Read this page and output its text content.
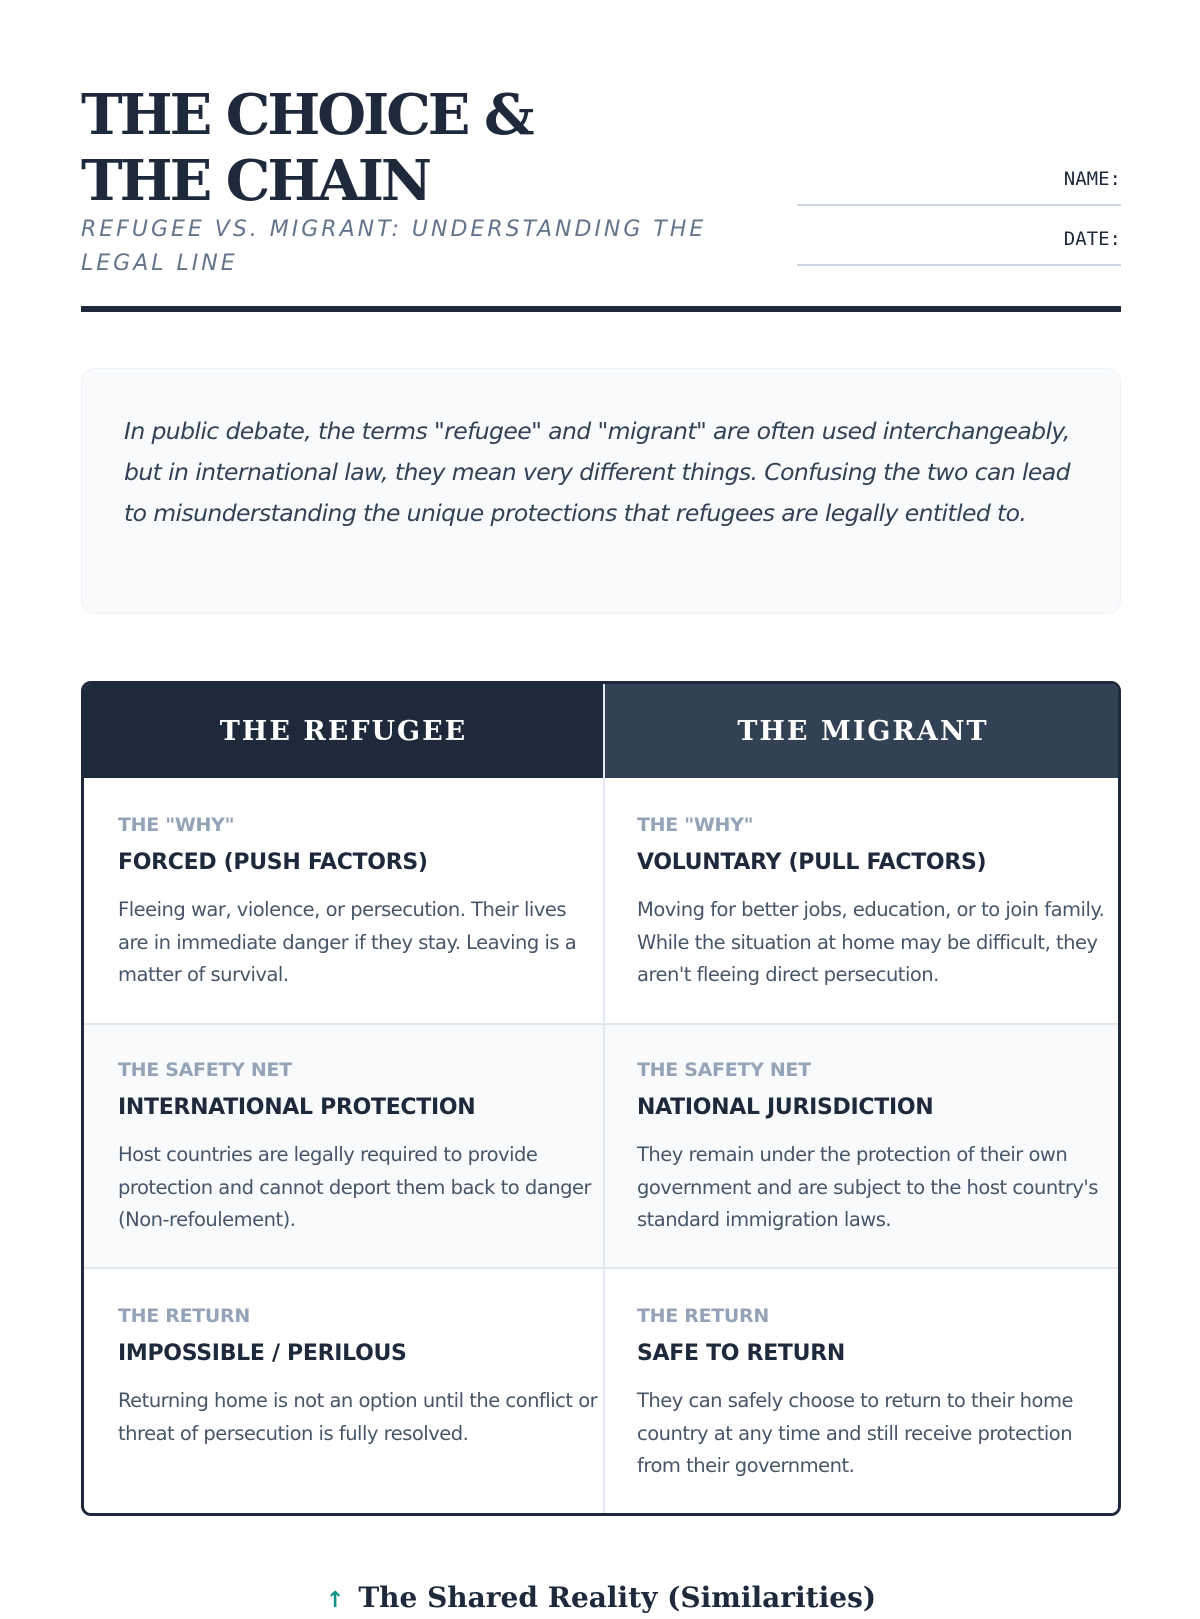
THE CHOICE & THE CHAIN

REFUGEE VS. MIGRANT: UNDERSTANDING THE LEGAL LINE

NAME:
DATE:

In public debate, the terms "refugee" and "migrant" are often used interchangeably, but in international law, they mean very different things. Confusing the two can lead to misunderstanding the unique protections that refugees are legally entitled to.

THE REFUGEE	THE MIGRANT
THE "WHY"
FORCED (PUSH FACTORS)
Fleeing war, violence, or persecution. Their lives are in immediate danger if they stay. Leaving is a matter of survival.
THE "WHY"
VOLUNTARY (PULL FACTORS)
Moving for better jobs, education, or to join family. While the situation at home may be difficult, they aren't fleeing direct persecution.
THE SAFETY NET
INTERNATIONAL PROTECTION
Host countries are legally required to provide protection and cannot deport them back to danger (Non-refoulement).
THE SAFETY NET
NATIONAL JURISDICTION
They remain under the protection of their own government and are subject to the host country's standard immigration laws.
THE RETURN
IMPOSSIBLE / PERILOUS
Returning home is not an option until the conflict or threat of persecution is fully resolved.
THE RETURN
SAFE TO RETURN
They can safely choose to return to their home country at any time and still receive protection from their government.
↑ The Shared Reality (Similarities)
